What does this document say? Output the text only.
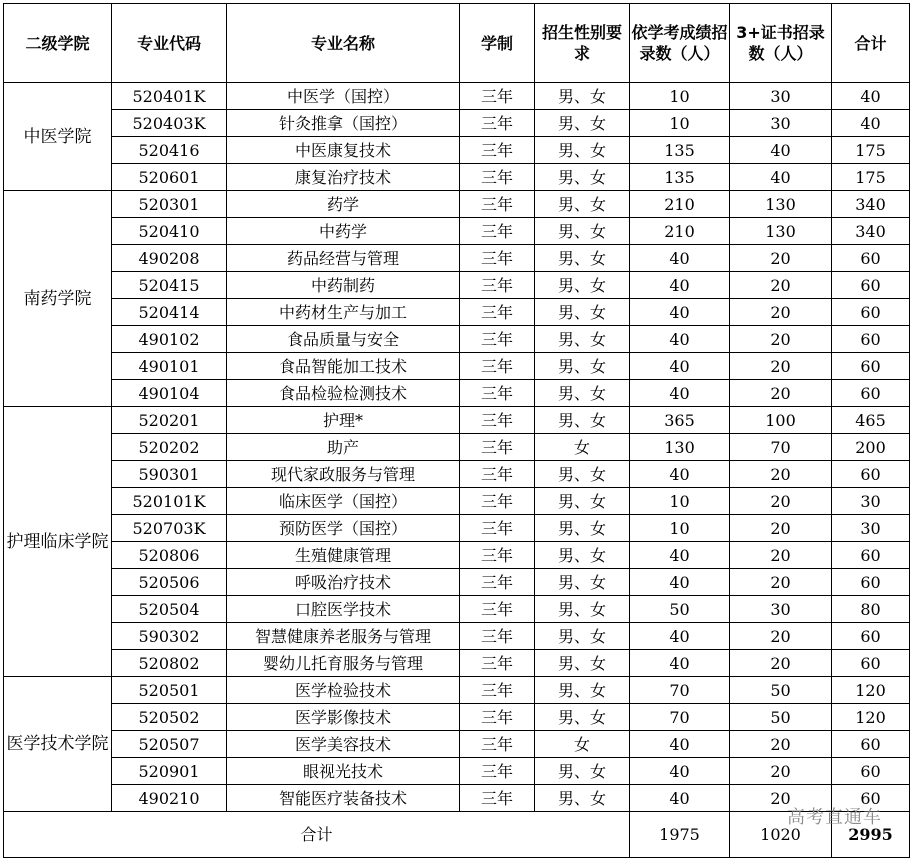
二级学院	专业代码	专业名称	学制	招生性别要求	依学考成绩招录数（人）	3+证书招录数（人）	合计
中医学院	520401K	中医学（国控）	三年	男、女	10	30	40
	520403K	针灸推拿（国控）	三年	男、女	10	30	40
	520416	中医康复技术	三年	男、女	135	40	175
	520601	康复治疗技术	三年	男、女	135	40	175
南药学院	520301	药学	三年	男、女	210	130	340
	520410	中药学	三年	男、女	210	130	340
	490208	药品经营与管理	三年	男、女	40	20	60
	520415	中药制药	三年	男、女	40	20	60
	520414	中药材生产与加工	三年	男、女	40	20	60
	490102	食品质量与安全	三年	男、女	40	20	60
	490101	食品智能加工技术	三年	男、女	40	20	60
	490104	食品检验检测技术	三年	男、女	40	20	60
护理临床学院	520201	护理*	三年	男、女	365	100	465
	520202	助产	三年	女	130	70	200
	590301	现代家政服务与管理	三年	男、女	40	20	60
	520101K	临床医学（国控）	三年	男、女	10	20	30
	520703K	预防医学（国控）	三年	男、女	10	20	30
	520806	生殖健康管理	三年	男、女	40	20	60
	520506	呼吸治疗技术	三年	男、女	40	20	60
	520504	口腔医学技术	三年	男、女	50	30	80
	590302	智慧健康养老服务与管理	三年	男、女	40	20	60
	520802	婴幼儿托育服务与管理	三年	男、女	40	20	60
医学技术学院	520501	医学检验技术	三年	男、女	70	50	120
	520502	医学影像技术	三年	男、女	70	50	120
	520507	医学美容技术	三年	女	40	20	60
	520901	眼视光技术	三年	男、女	40	20	60
	490210	智能医疗装备技术	三年	男、女	40	20	60
合计					1975	1020	2995
高考直通车
